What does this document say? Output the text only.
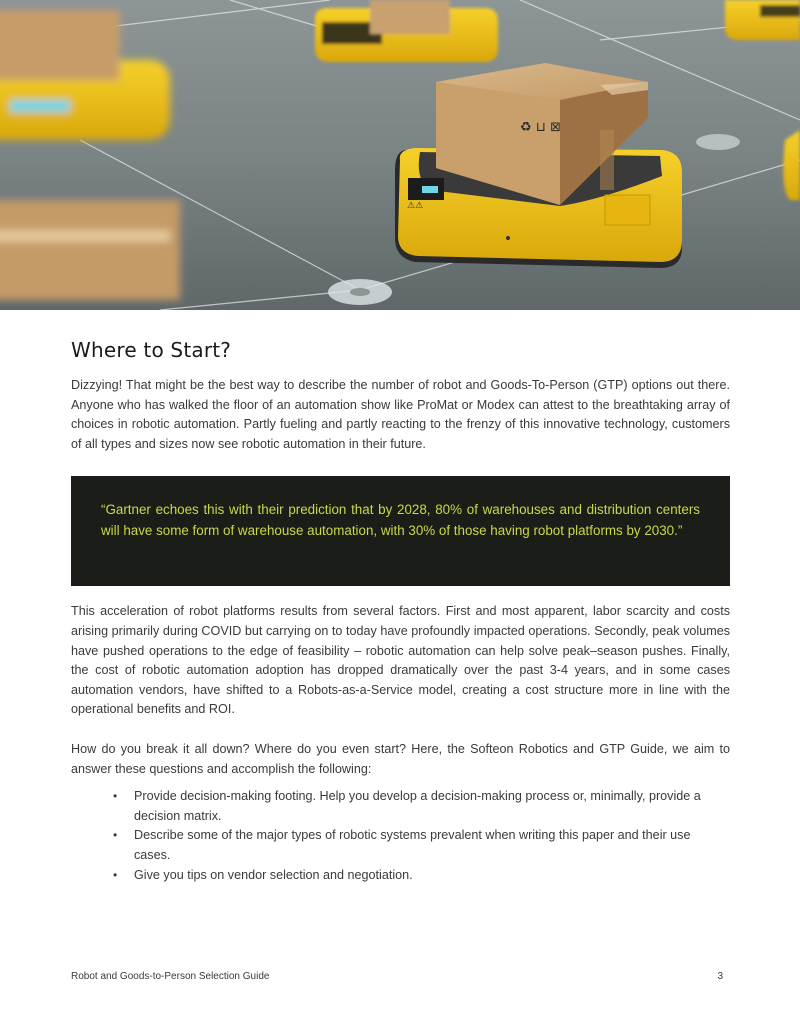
⚠⚠
♻ ⊔ ⊠
Where to Start?

Dizzying! That might be the best way to describe the number of robot and Goods-To-Person (GTP) options out there. Anyone who has walked the floor of an automation show like ProMat or Modex can attest to the breathtaking array of choices in robotic automation. Partly fueling and partly reacting to the frenzy of this innovative technology, customers of all types and sizes now see robotic automation in their future.

“Gartner echoes this with their prediction that by 2028, 80% of warehouses and distribution centers will have some form of warehouse automation, with 30% of those having robot platforms by 2030.”

This acceleration of robot platforms results from several factors. First and most apparent, labor scarcity and costs arising primarily during COVID but carrying on to today have profoundly impacted operations. Secondly, peak volumes have pushed operations to the edge of feasibility – robotic automation can help solve peak–season pushes. Finally, the cost of robotic automation adoption has dropped dramatically over the past 3-4 years, and in some cases automation vendors, have shifted to a Robots-as-a-Service model, creating a cost structure more in line with the operational benefits and ROI.

How do you break it all down? Where do you even start? Here, the Softeon Robotics and GTP Guide, we aim to answer these questions and accomplish the following:

• Provide decision-making footing. Help you develop a decision-making process or, minimally, provide a decision matrix.
• Describe some of the major types of robotic systems prevalent when writing this paper and their use cases.
• Give you tips on vendor selection and negotiation.
Robot and Goods-to-Person Selection Guide	3
